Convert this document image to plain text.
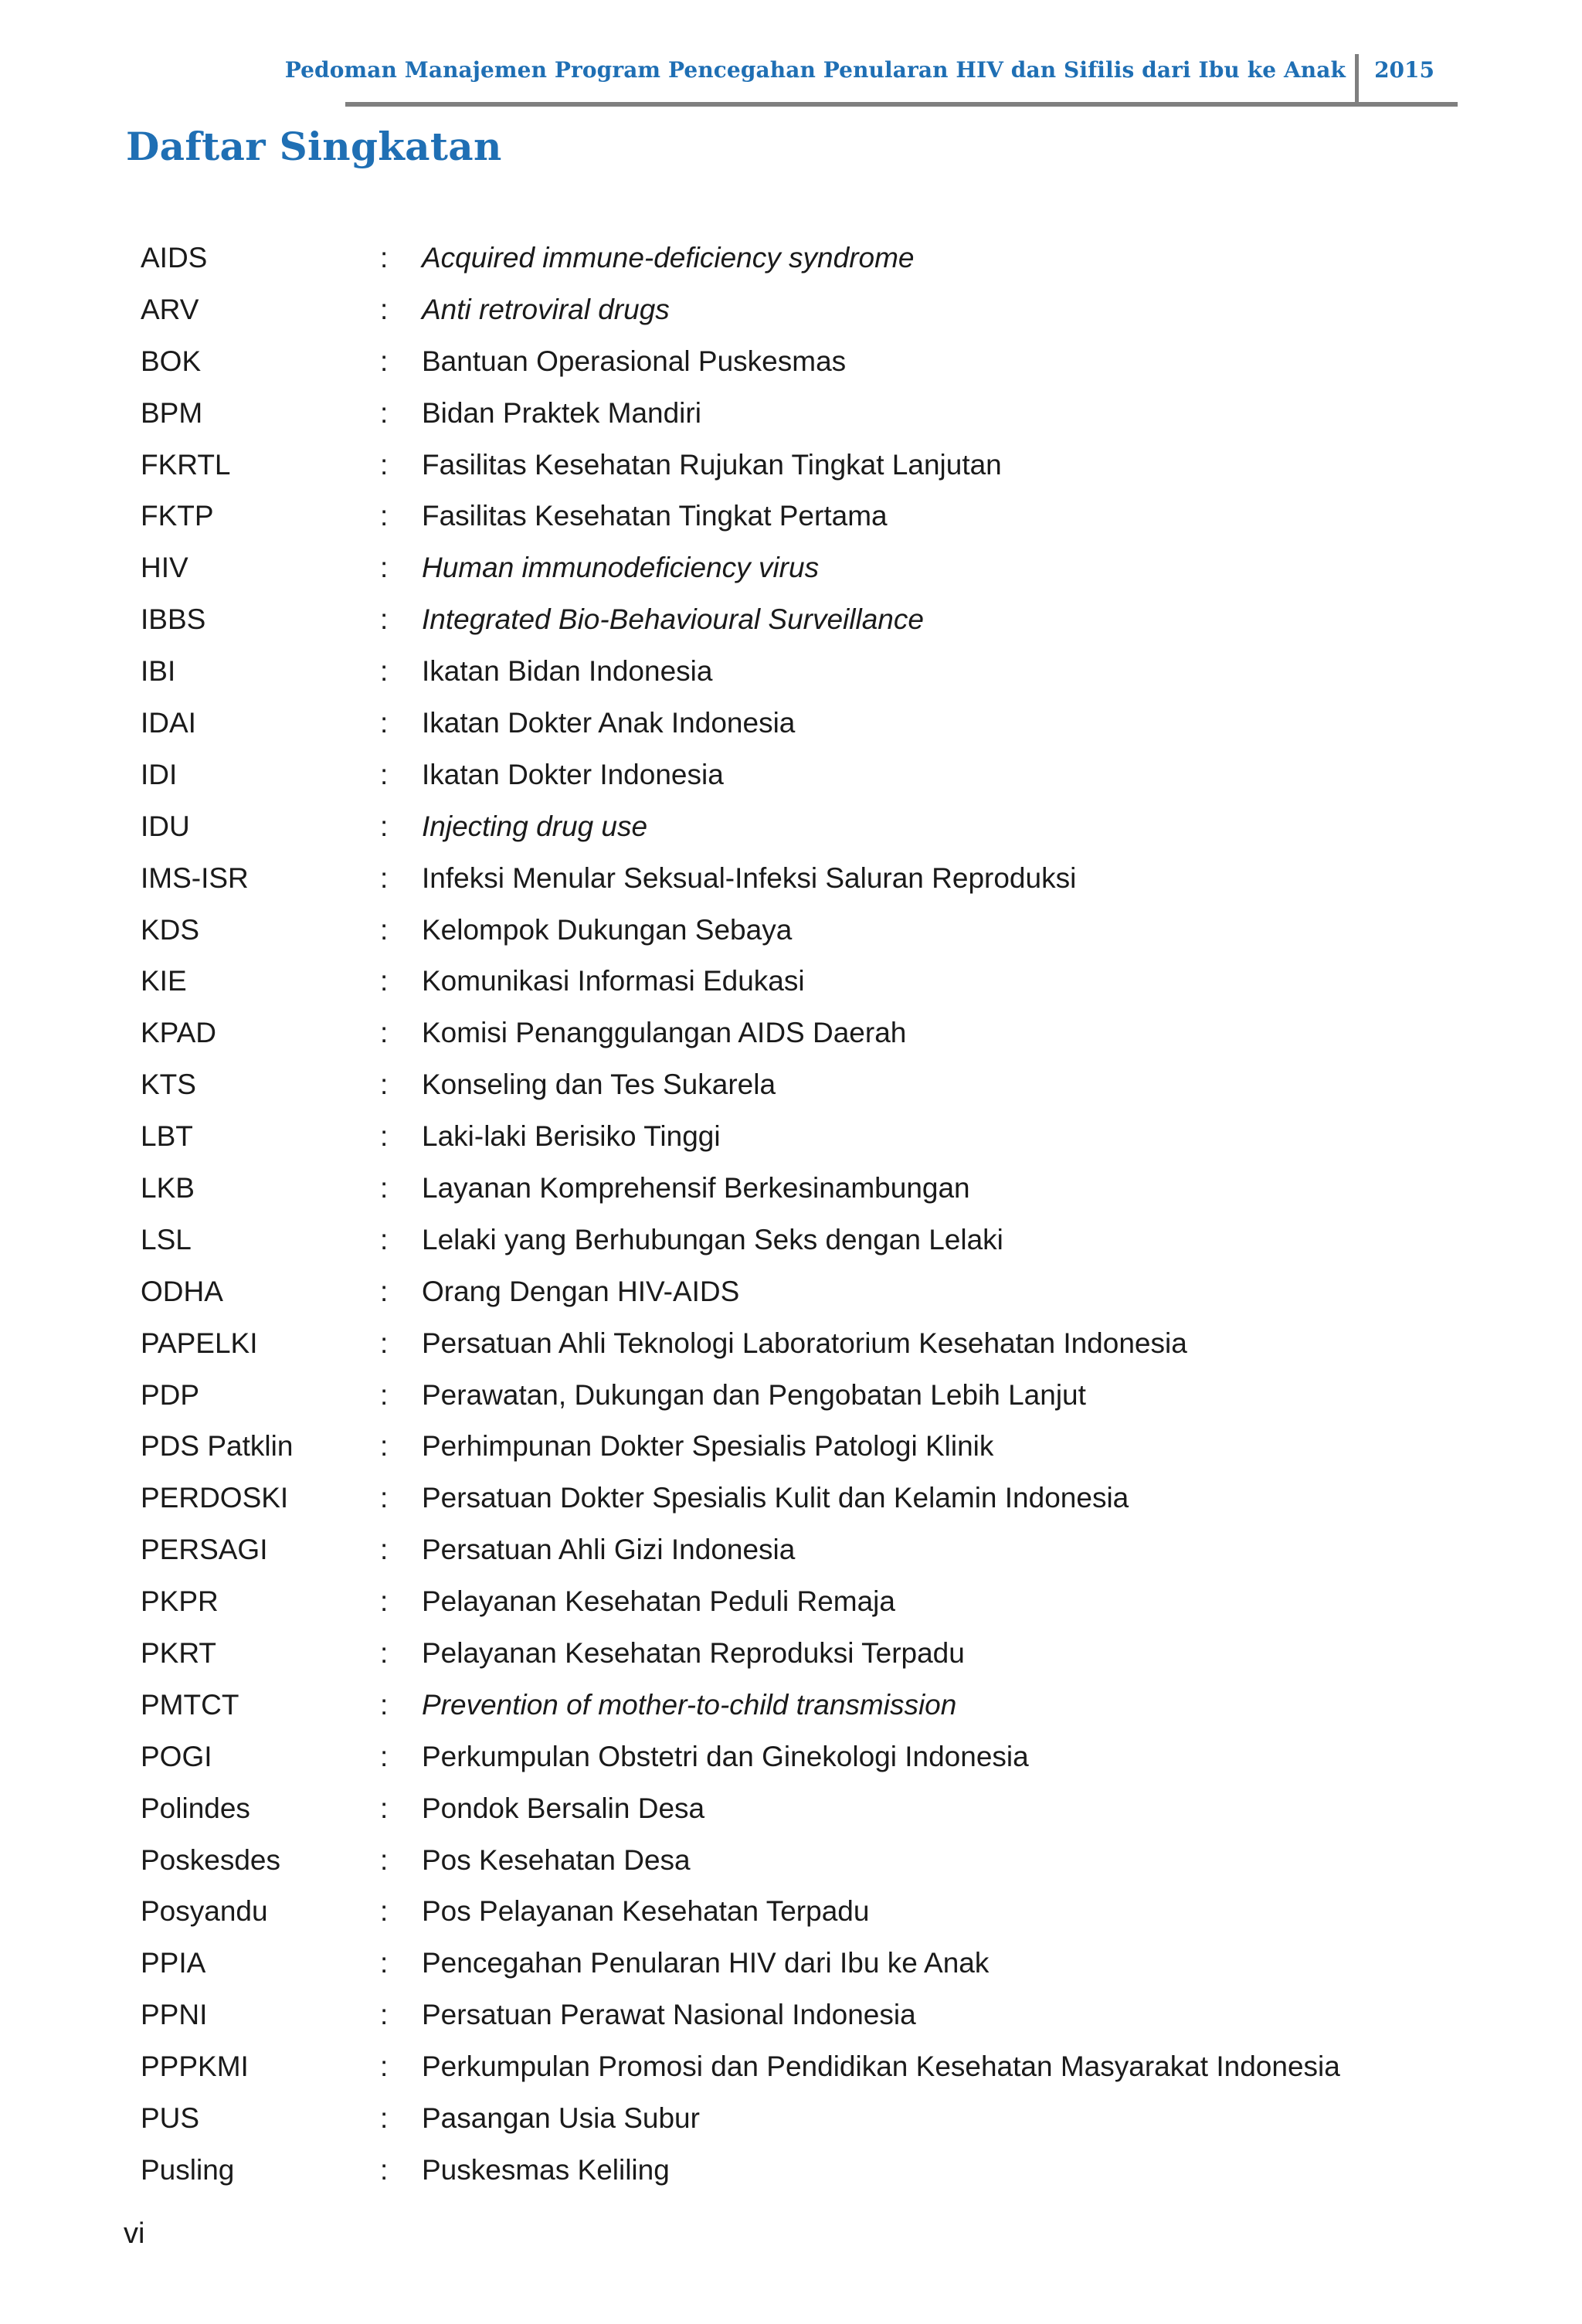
Pedoman Manajemen Program Pencegahan Penularan HIV dan Sifilis dari Ibu ke Anak 2015
Daftar Singkatan
AIDS	:	Acquired immune-deficiency syndrome
ARV	:	Anti retroviral drugs
BOK	:	Bantuan Operasional Puskesmas
BPM	:	Bidan Praktek Mandiri
FKRTL	:	Fasilitas Kesehatan Rujukan Tingkat Lanjutan
FKTP	:	Fasilitas Kesehatan Tingkat Pertama
HIV	:	Human immunodeficiency virus
IBBS	:	Integrated Bio-Behavioural Surveillance
IBI	:	Ikatan Bidan Indonesia
IDAI	:	Ikatan Dokter Anak Indonesia
IDI	:	Ikatan Dokter Indonesia
IDU	:	Injecting drug use
IMS-ISR	:	Infeksi Menular Seksual-Infeksi Saluran Reproduksi
KDS	:	Kelompok Dukungan Sebaya
KIE	:	Komunikasi Informasi Edukasi
KPAD	:	Komisi Penanggulangan AIDS Daerah
KTS	:	Konseling dan Tes Sukarela
LBT	:	Laki-laki Berisiko Tinggi
LKB	:	Layanan Komprehensif Berkesinambungan
LSL	:	Lelaki yang Berhubungan Seks dengan Lelaki
ODHA	:	Orang Dengan HIV-AIDS
PAPELKI	:	Persatuan Ahli Teknologi Laboratorium Kesehatan Indonesia
PDP	:	Perawatan, Dukungan dan Pengobatan Lebih Lanjut
PDS Patklin	:	Perhimpunan Dokter Spesialis Patologi Klinik
PERDOSKI	:	Persatuan Dokter Spesialis Kulit dan Kelamin Indonesia
PERSAGI	:	Persatuan Ahli Gizi Indonesia
PKPR	:	Pelayanan Kesehatan Peduli Remaja
PKRT	:	Pelayanan Kesehatan Reproduksi Terpadu
PMTCT	:	Prevention of mother-to-child transmission
POGI	:	Perkumpulan Obstetri dan Ginekologi Indonesia
Polindes	:	Pondok Bersalin Desa
Poskesdes	:	Pos Kesehatan Desa
Posyandu	:	Pos Pelayanan Kesehatan Terpadu
PPIA	:	Pencegahan Penularan HIV dari Ibu ke Anak
PPNI	:	Persatuan Perawat Nasional Indonesia
PPPKMI	:	Perkumpulan Promosi dan Pendidikan Kesehatan Masyarakat Indonesia
PUS	:	Pasangan Usia Subur
Pusling	:	Puskesmas Keliling
vi
